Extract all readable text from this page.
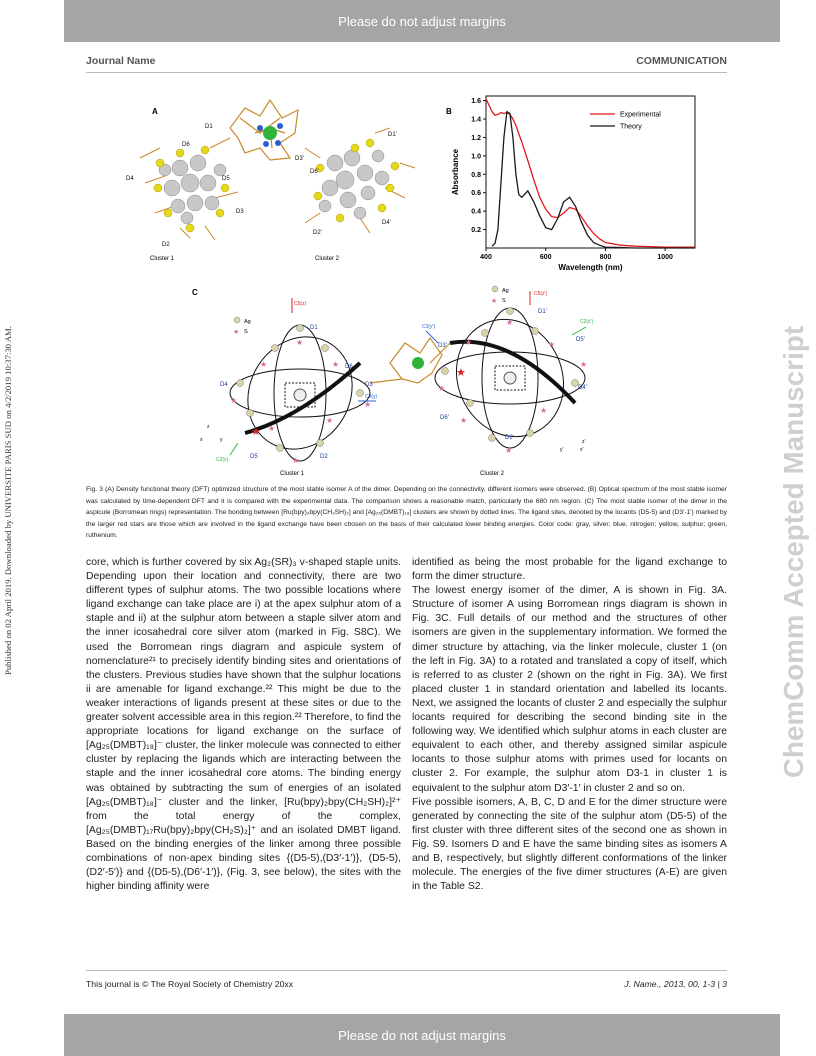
Please do not adjust margins
Journal Name	COMMUNICATION
Published on 02 April 2019. Downloaded by UNIVERSITE PARIS SUD on 4/2/2019 10:37:30 AM.	ChemComm Accepted Manuscript
A
D1
D2
D3
D4	D5
D6
D1'
D2'
D3'
D4'
D6'
Cluster 1	Cluster 2
B
400	600	800	1000
0.2
0.4
0.6
0.8
1.0
1.2
1.4
1.6
Wavelength (nm)
Absorbance
Experimental
Theory
C
Ag
★ S
Ag
★ S
★
★	★
★	★
★
★
★
★
★	★
★
★
★
★
★
★
★
D1
D2
D3
D4
D5
D6
D1'
D2'
D3'
D4'
D5'
D6'
C5(z)
C3(y)
C2(x)
x	y
z
C5(z')
C3(y')
C2(x')
x'
y'
z'
Cluster 1	Cluster 2
Fig. 3 (A) Density functional theory (DFT) optimized structure of the most stable isomer A of the dimer. Depending on the connectivity, different isomers were observed. (B) Optical spectrum of the most stable isomer was calculated by time-dependent DFT and it is compared with the experimental data. The comparison shows a reasonable match, particularly the 680 nm region. (C) The most stable isomer of the dimer in the aspicule (Borromean rings) representation. The bonding between [Ru(bpy)₂bpy(CH₂SH)₂] and [Ag₂₅(DMBT)₁₈] clusters are shown by dotted lines. The ligand sites, denoted by the locants (D5-5) and (D3′-1′) marked by the larger red stars are those which are involved in the ligand exchange have been chosen on the basis of their calculated lower binding energies. Color code: gray, silver; blue, nitrogen; yellow, sulphur; green, ruthenium.

core, which is further covered by six Ag₂(SR)₃ v-shaped staple units. Depending upon their location and connectivity, there are two different types of sulphur atoms. The two possible locations where ligand exchange can take place are i) at the apex sulphur atom of a staple and ii) at the sulphur atom between a staple silver atom and the inner icosahedral core silver atom (marked in Fig. S8C). We used the Borromean rings diagram and aspicule system of nomenclature²¹ to precisely identify binding sites and orientations of the clusters. Previous studies have shown that the sulphur locations ii are amenable for ligand exchange.²² This might be due to the weaker interactions of ligands present at these sites or due to the greater solvent accessible area in this region.²² Therefore, to find the appropriate locations for ligand exchange on the surface of [Ag₂₅(DMBT)₁₈]⁻ cluster, the linker molecule was connected to either cluster by replacing the ligands which are interacting between the staple and the inner icosahedral core atoms. The binding energy was obtained by subtracting the sum of energies of an isolated [Ag₂₅(DMBT)₁₈]⁻ cluster and the linker, [Ru(bpy)₂bpy(CH₂SH)₂]²⁺ from the total energy of the complex, [Ag₂₅(DMBT)₁₇Ru(bpy)₂bpy(CH₂S)₂]⁺ and an isolated DMBT ligand. Based on the binding energies of the linker among three possible combinations of non-apex binding sites {(D5-5),(D3′-1′)}, (D5-5),(D2′-5′)} and {(D5-5),(D6′-1′)}, (Fig. 3, see below), the sites with the higher binding affinity were

identified as being the most probable for the ligand exchange to form the dimer structure.

The lowest energy isomer of the dimer, A is shown in Fig. 3A. Structure of isomer A using Borromean rings diagram is shown in Fig. 3C. Full details of our method and the structures of other isomers are given in the supplementary information. We formed the dimer structure by attaching, via the linker molecule, cluster 1 (on the left in Fig. 3A) to a rotated and translated a copy of itself, which is referred to as cluster 2 (shown on the right in Fig. 3A). We first placed cluster 1 in standard orientation and labelled its locants. Next, we assigned the locants of cluster 2 and especially the sulphur locants required for describing the second binding site in the following way. We identified which sulphur atoms in each cluster are equivalent to each other, and thereby assigned similar aspicule locants to those sulphur atoms with primes used for locants on cluster 2. For example, the sulphur atom D3-1 in cluster 1 is equivalent to the sulphur atom D3′-1′ in cluster 2 and so on.

Five possible isomers, A, B, C, D and E for the dimer structure were generated by connecting the site of the sulphur atom (D5-5) of the first cluster with three different sites of the second one as shown in Fig. S9. Isomers D and E have the same binding sites as isomers A and B, respectively, but slightly different conformations of the linker molecule. The energies of the five dimer structures (A-E) are given in the Table S2.

This journal is © The Royal Society of Chemistry 20xx	J. Name., 2013, 00, 1-3 | 3
Please do not adjust margins
